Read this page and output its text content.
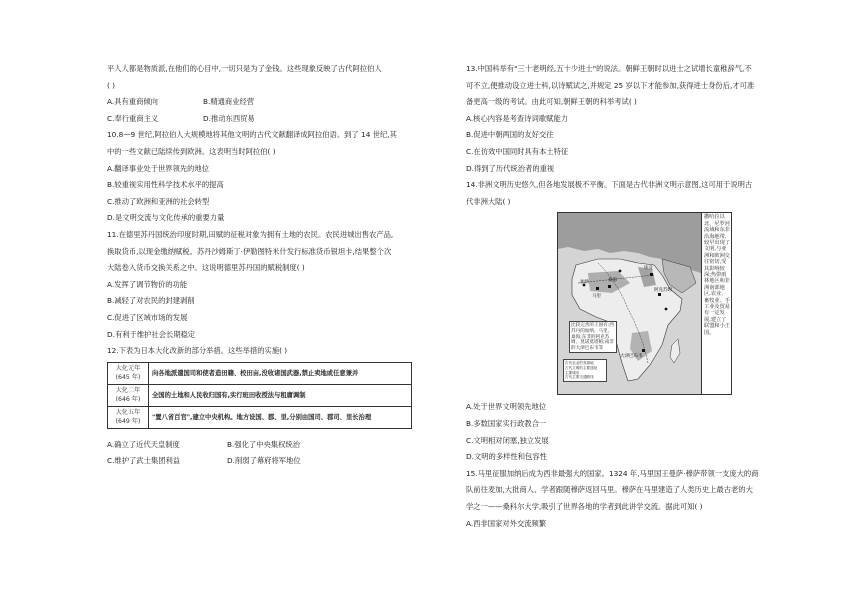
平人人都是物质派,在他们的心目中,一切只是为了金钱。这些现象反映了古代阿拉伯人
( )
A.具有重商倾向	B.精通商业经营
C.奉行重商主义	D.推动东西贸易
10.8—9 世纪,阿拉伯人大规模地将其他文明的古代文献翻译成阿拉伯语。到了 14 世纪,其
中的一些文献已陆续传到欧洲。这表明当时阿拉伯( )
A.翻译事业处于世界领先的地位
B.较重视实用性科学技术水平的提高
C.推动了欧洲和亚洲的社会转型
D.是文明交流与文化传承的重要力量
11.在德里苏丹国统治印度时期,田赋的征税对象为拥有土地的农民。农民进城出售农产品,
换取货币,以现金缴纳赋税。苏丹沙姆斯丁·伊勒图特米什发行标准货币银坦卡,结果整个次
大陆卷入货币交换关系之中。这说明德里苏丹国的赋税制度( )
A.发挥了调节物价的功能
B.减轻了对农民的封建剥削
C.促进了区域市场的发展
D.有利于维护社会长期稳定
12.下表为日本大化改新的部分举措。这些举措的实施( )
大化元年
(645 年)	向各地派遣国司和使者造田籍、校田亩,没收诸国武器,禁止卖地或任意兼并
大化二年
(646 年)	全国的土地和人民收归国有,实行班田收授法与租庸调制
大化五年
(649 年)	"置八省百官",建立中央机构。地方设国、郡、里,分别由国司、郡司、里长治理
A.确立了近代天皇制度	B.强化了中央集权统治
C.维护了武士集团利益	D.削弱了幕府将军地位
13.中国科举有"三十老明经,五十少进士"的说法。朝鲜王朝时以进士之试增长童稚辞气,不
可不立,便推动设立进士科,以诗赋试之,并规定 25 岁以下才能参加,获得进士身份后,才可准
备更高一级的考试。由此可知,朝鲜王朝的科举考试( )
A.核心内容是考查诗词歌赋能力
B.促进中朝两国的友好交往
C.在仿效中国同时具有本土特征
D.得到了历代统治者的重视
14.非洲文明历史悠久,但各地发展极不平衡。下面是古代非洲文明示意图,这可用于说明古
代非洲大陆( )
埃及
阿克苏姆
加纳
马里
桑海
大津巴布韦
比较完善的王国有:西苏丹的加纳、马里、桑海;东非的阿克苏姆、莫诺莫塔帕;南非的大津巴布韦等
古代农业的发源地
古代文明的主要遗址
主要城市
古代主要交通路线
撒哈拉以北、尼罗河流域和东非沿海地带,较早出现了文明,与亚洲和欧洲交往密切,受其影响较深;热带雨林地区和非洲南部地区,农业、畜牧业、手工业及贸易有一定发展,建立了联盟和小王国。
A.处于世界文明领先地位
B.多数国家实行政教合一
C.文明相对闭塞,独立发展
D.文明的多样性和包容性
15.马里征服加纳后成为西非最强大的国家。1324 年,马里国王曼萨·穆萨带领一支庞大的商
队前往麦加,大批商人、学者跟随穆萨返回马里。穆萨在马里建造了人类历史上最古老的大
学之一——桑科尔大学,吸引了世界各地的学者到此讲学交流。据此可知( )
A.西非国家对外交流频繁
